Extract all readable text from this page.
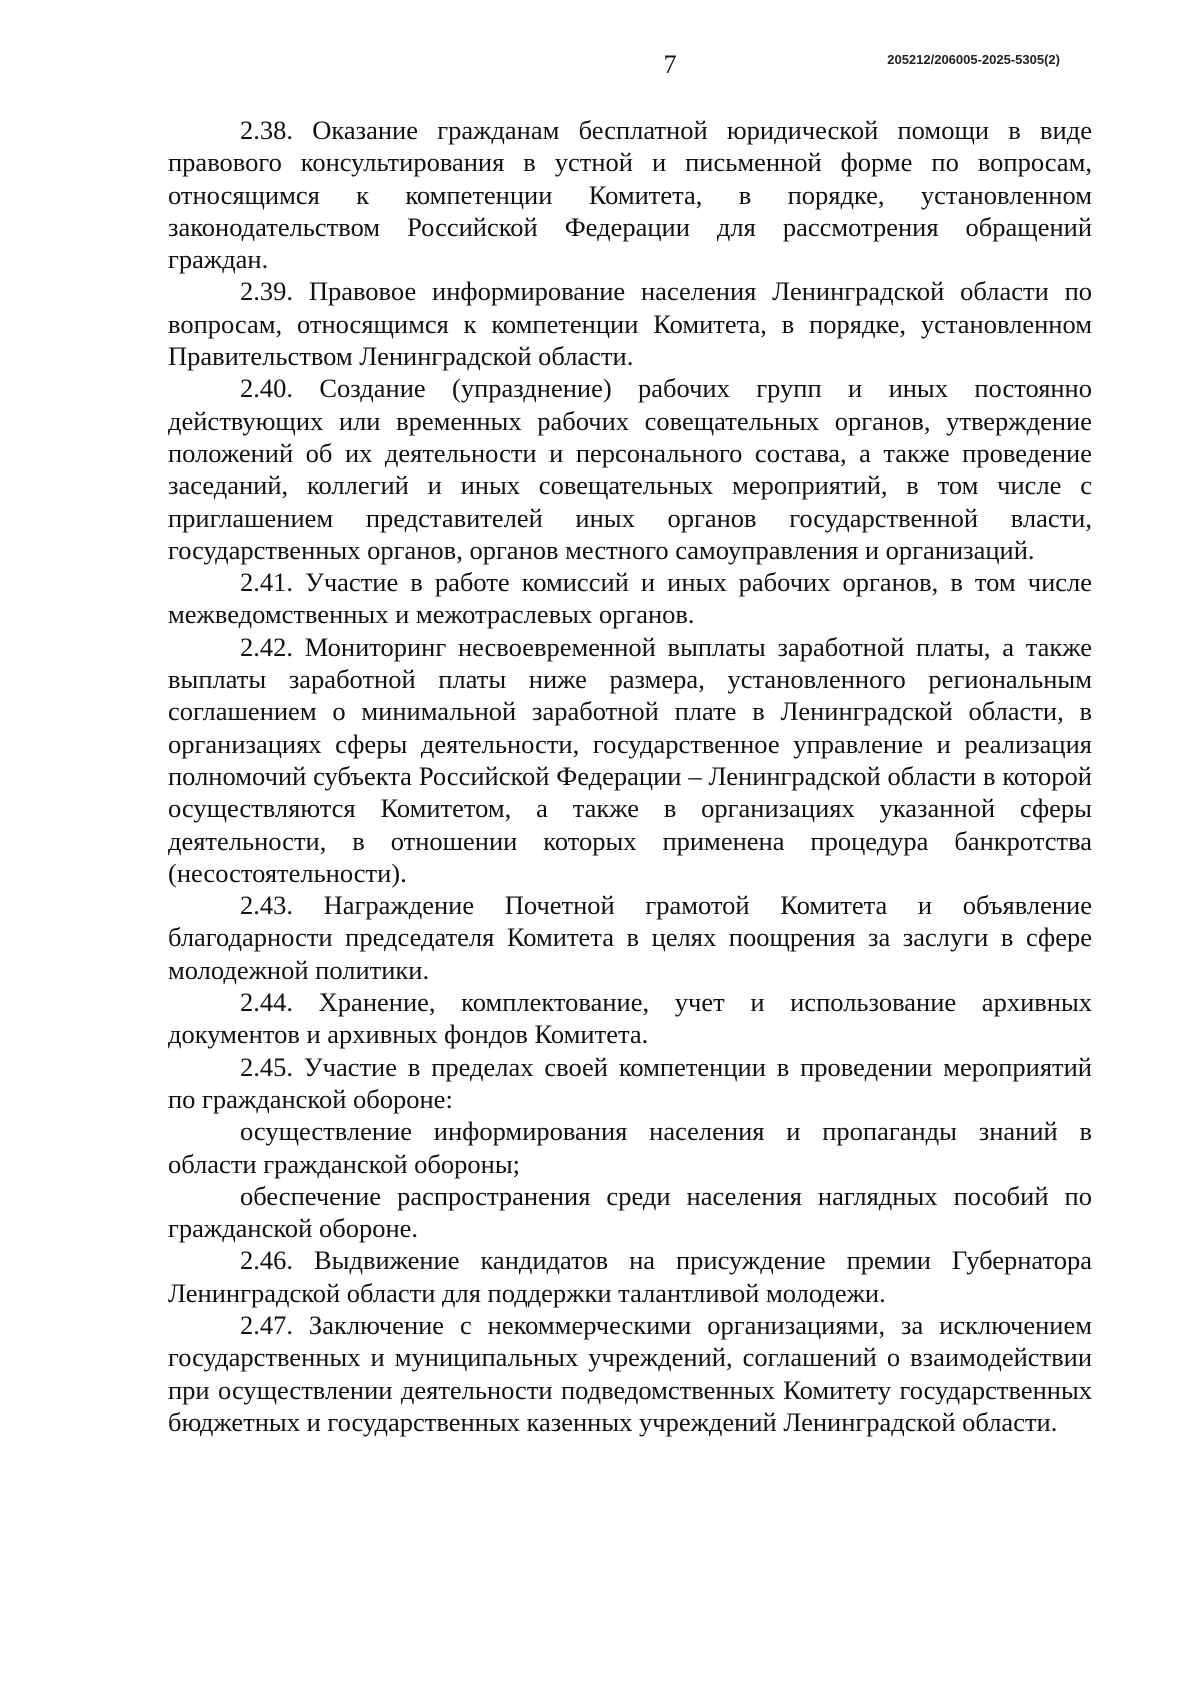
7	205212/206005-2025-5305(2)

2.38. Оказание гражданам бесплатной юридической помощи в виде правового консультирования в устной и письменной форме по вопросам, относящимся к компетенции Комитета, в порядке, установленном законодательством Российской Федерации для рассмотрения обращений граждан.

2.39. Правовое информирование населения Ленинградской области по вопросам, относящимся к компетенции Комитета, в порядке, установленном Правительством Ленинградской области.

2.40. Создание (упразднение) рабочих групп и иных постоянно действующих или временных рабочих совещательных органов, утверждение положений об их деятельности и персонального состава, а также проведение заседаний, коллегий и иных совещательных мероприятий, в том числе с приглашением представителей иных органов государственной власти, государственных органов, органов местного самоуправления и организаций.

2.41. Участие в работе комиссий и иных рабочих органов, в том числе межведомственных и межотраслевых органов.

2.42. Мониторинг несвоевременной выплаты заработной платы, а также выплаты заработной платы ниже размера, установленного региональным соглашением о минимальной заработной плате в Ленинградской области, в организациях сферы деятельности, государственное управление и реализация полномочий субъекта Российской Федерации – Ленинградской области в которой осуществляются Комитетом, а также в организациях указанной сферы деятельности, в отношении которых применена процедура банкротства (несостоятельности).

2.43. Награждение Почетной грамотой Комитета и объявление благодарности председателя Комитета в целях поощрения за заслуги в сфере молодежной политики.

2.44. Хранение, комплектование, учет и использование архивных документов и архивных фондов Комитета.

2.45. Участие в пределах своей компетенции в проведении мероприятий по гражданской обороне:

осуществление информирования населения и пропаганды знаний в области гражданской обороны;

обеспечение распространения среди населения наглядных пособий по гражданской обороне.

2.46. Выдвижение кандидатов на присуждение премии Губернатора Ленинградской области для поддержки талантливой молодежи.

2.47. Заключение с некоммерческими организациями, за исключением государственных и муниципальных учреждений, соглашений о взаимодействии при осуществлении деятельности подведомственных Комитету государственных бюджетных и государственных казенных учреждений Ленинградской области.
